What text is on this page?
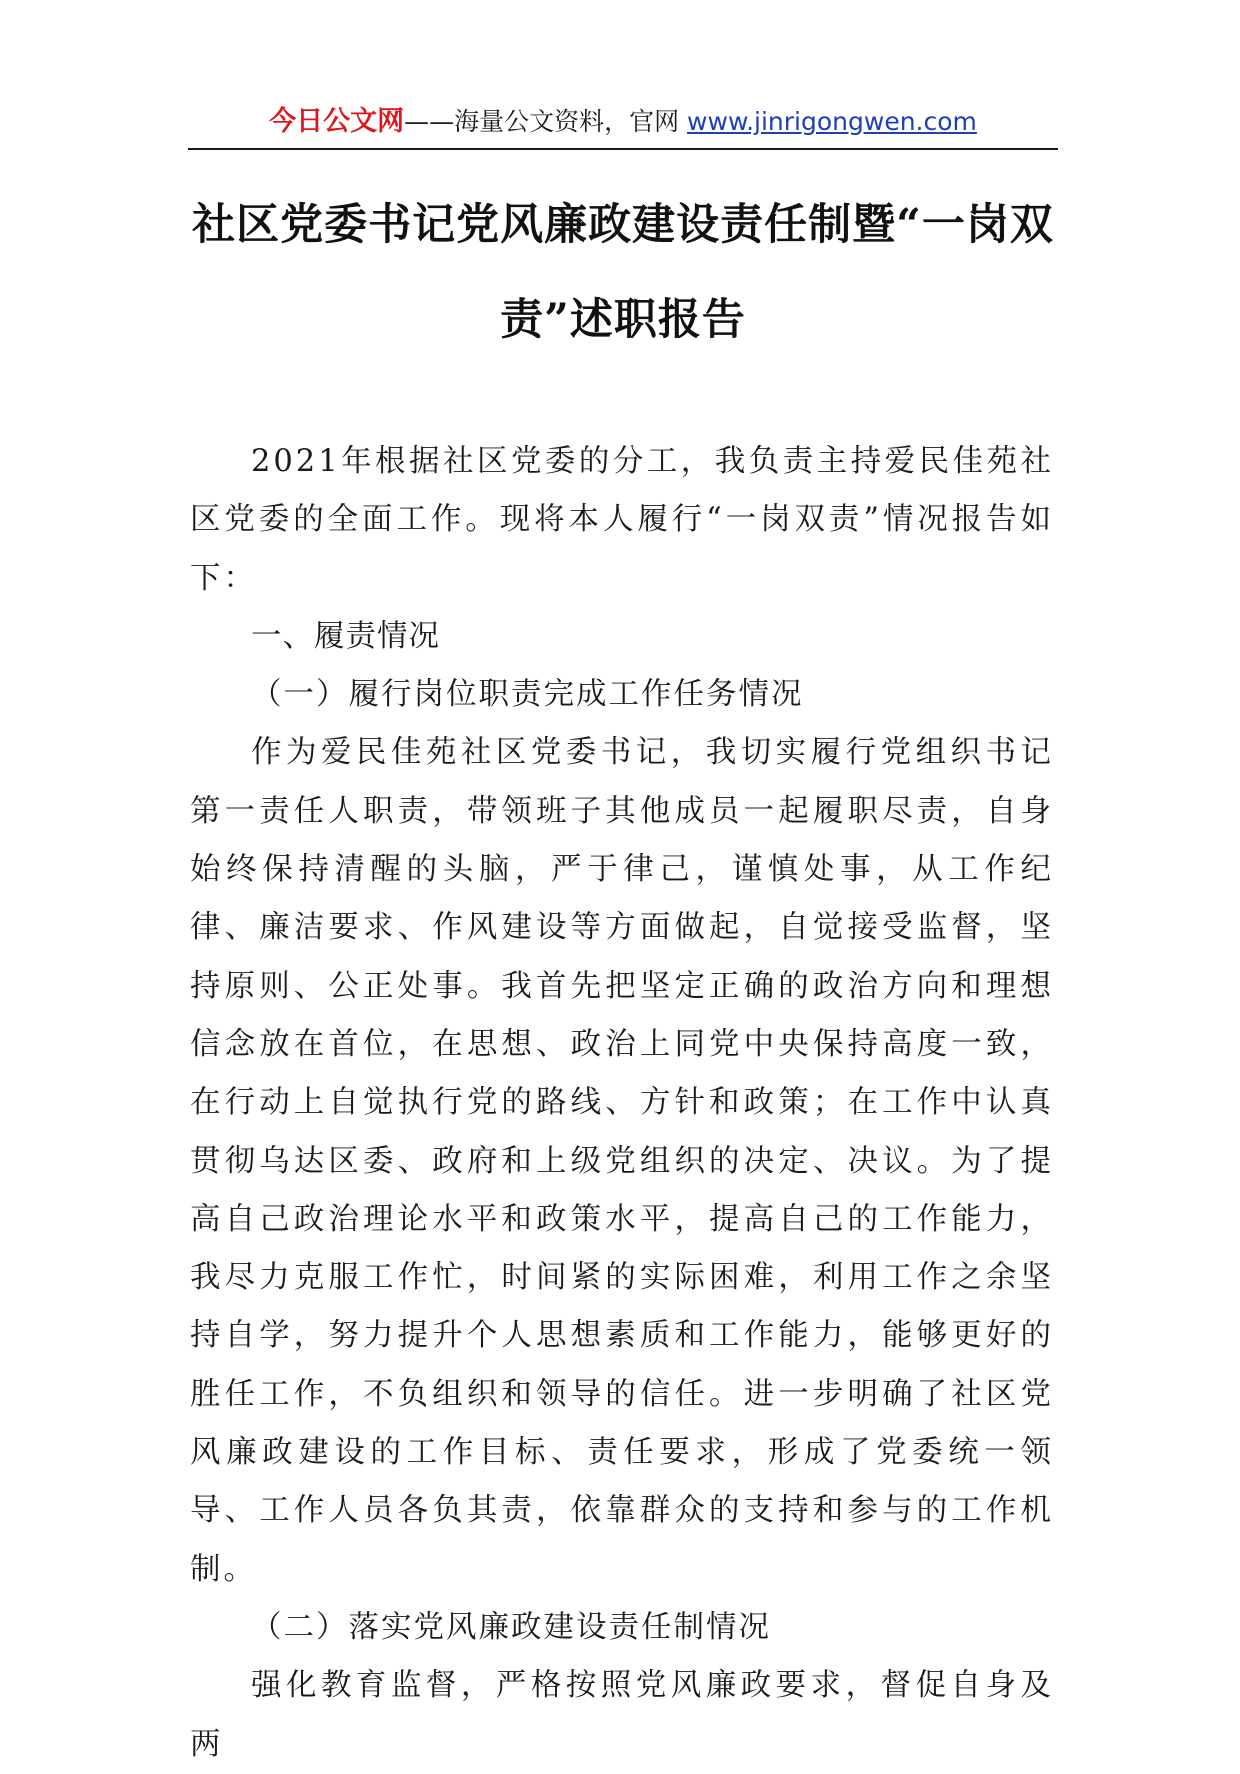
今日公文网——海量公文资料，官网 www.jinrigongwen.com
社区党委书记党风廉政建设责任制暨“一岗双责”述职报告

2021年根据社区党委的分工，我负责主持爱民佳苑社区党委的全面工作。现将本人履行“一岗双责”情况报告如下：

一、履责情况

（一）履行岗位职责完成工作任务情况

作为爱民佳苑社区党委书记，我切实履行党组织书记第一责任人职责，带领班子其他成员一起履职尽责，自身始终保持清醒的头脑，严于律己，谨慎处事，从工作纪律、廉洁要求、作风建设等方面做起，自觉接受监督，坚持原则、公正处事。我首先把坚定正确的政治方向和理想信念放在首位，在思想、政治上同党中央保持高度一致，在行动上自觉执行党的路线、方针和政策；在工作中认真贯彻乌达区委、政府和上级党组织的决定、决议。为了提高自己政治理论水平和政策水平，提高自己的工作能力，我尽力克服工作忙，时间紧的实际困难，利用工作之余坚持自学，努力提升个人思想素质和工作能力，能够更好的胜任工作，不负组织和领导的信任。进一步明确了社区党风廉政建设的工作目标、责任要求，形成了党委统一领导、工作人员各负其责，依靠群众的支持和参与的工作机制。

（二）落实党风廉政建设责任制情况

强化教育监督，严格按照党风廉政要求，督促自身及两
